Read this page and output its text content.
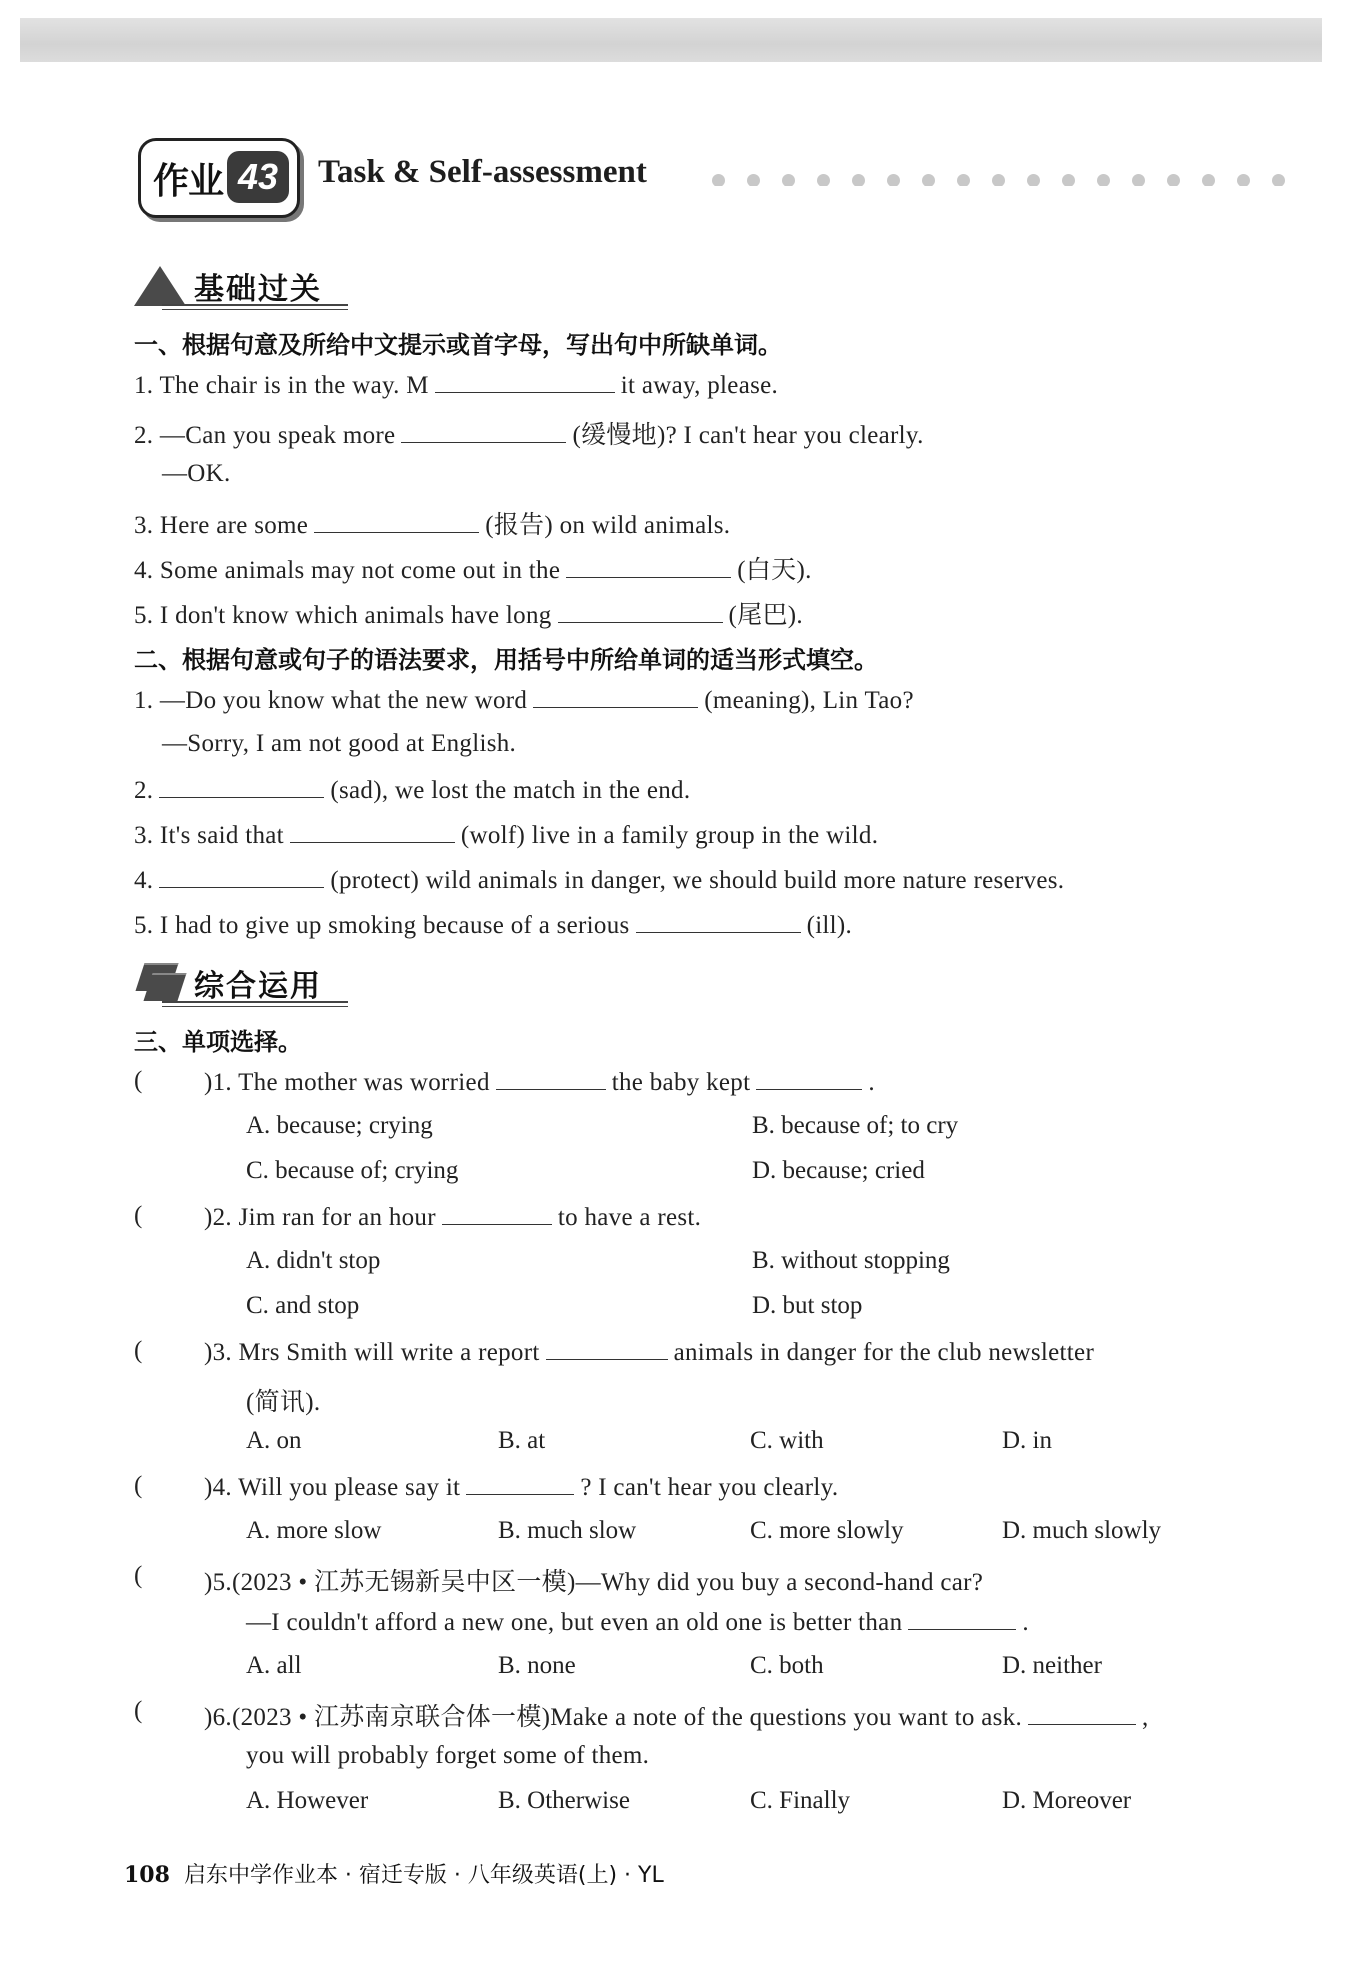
作业 43	Task & Self-assessment
基础过关
一、根据句意及所给中文提示或首字母，写出句中所缺单词。
1. The chair is in the way. M	it away, please.
2. —Can you speak more	(缓慢地)? I can't hear you clearly.
—OK.
3. Here are some	(报告) on wild animals.
4. Some animals may not come out in the	(白天).
5. I don't know which animals have long	(尾巴).
二、根据句意或句子的语法要求，用括号中所给单词的适当形式填空。
1. —Do you know what the new word	(meaning), Lin Tao?
—Sorry, I am not good at English.
2.	(sad), we lost the match in the end.
3. It's said that	(wolf) live in a family group in the wild.
4.	(protect) wild animals in danger, we should build more nature reserves.
5. I had to give up smoking because of a serious	(ill).
综合运用
三、单项选择。
( )1. The mother was worried	the baby kept	.
A. because; crying	B. because of; to cry
C. because of; crying	D. because; cried
( )2. Jim ran for an hour	to have a rest.
A. didn't stop	B. without stopping
C. and stop	D. but stop
( )3. Mrs Smith will write a report	animals in danger for the club newsletter
(简讯).
A. on	B. at	C. with	D. in
( )4. Will you please say it	? I can't hear you clearly.
A. more slow	B. much slow	C. more slowly	D. much slowly
( )5.(2023 • 江苏无锡新吴中区一模)—Why did you buy a second-hand car?
—I couldn't afford a new one, but even an old one is better than	.
A. all	B. none	C. both	D. neither
( )6.(2023 • 江苏南京联合体一模)Make a note of the questions you want to ask.	,
you will probably forget some of them.
A. However	B. Otherwise	C. Finally	D. Moreover
108 启东中学作业本 · 宿迁专版 · 八年级英语(上) · YL
